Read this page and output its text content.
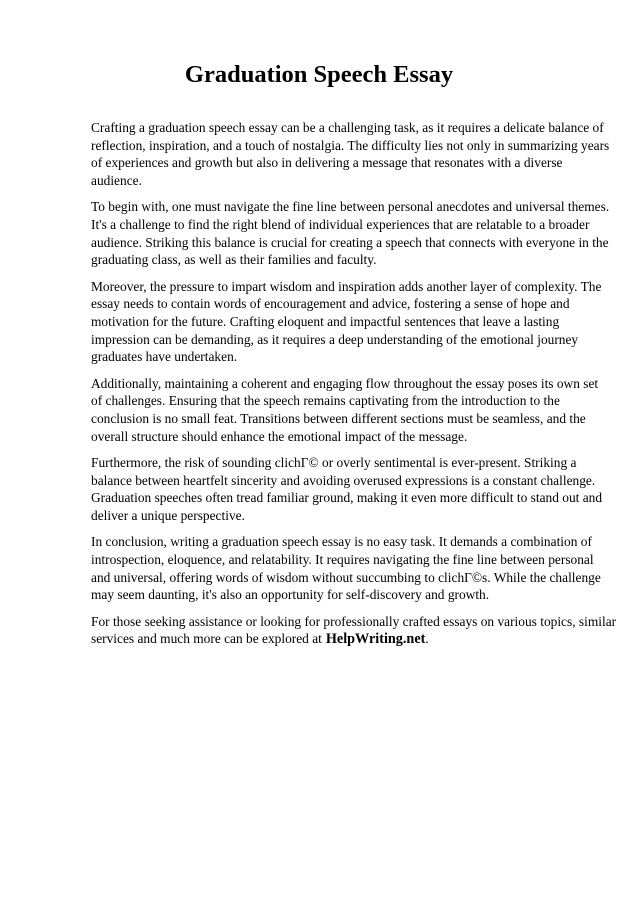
Graduation Speech Essay

Crafting a graduation speech essay can be a challenging task, as it requires a delicate balance of
reflection, inspiration, and a touch of nostalgia. The difficulty lies not only in summarizing years
of experiences and growth but also in delivering a message that resonates with a diverse
audience.

To begin with, one must navigate the fine line between personal anecdotes and universal themes.
It's a challenge to find the right blend of individual experiences that are relatable to a broader
audience. Striking this balance is crucial for creating a speech that connects with everyone in the
graduating class, as well as their families and faculty.

Moreover, the pressure to impart wisdom and inspiration adds another layer of complexity. The
essay needs to contain words of encouragement and advice, fostering a sense of hope and
motivation for the future. Crafting eloquent and impactful sentences that leave a lasting
impression can be demanding, as it requires a deep understanding of the emotional journey
graduates have undertaken.

Additionally, maintaining a coherent and engaging flow throughout the essay poses its own set
of challenges. Ensuring that the speech remains captivating from the introduction to the
conclusion is no small feat. Transitions between different sections must be seamless, and the
overall structure should enhance the emotional impact of the message.

Furthermore, the risk of sounding clichГ© or overly sentimental is ever-present. Striking a
balance between heartfelt sincerity and avoiding overused expressions is a constant challenge.
Graduation speeches often tread familiar ground, making it even more difficult to stand out and
deliver a unique perspective.

In conclusion, writing a graduation speech essay is no easy task. It demands a combination of
introspection, eloquence, and relatability. It requires navigating the fine line between personal
and universal, offering words of wisdom without succumbing to clichГ©s. While the challenge
may seem daunting, it's also an opportunity for self-discovery and growth.

For those seeking assistance or looking for professionally crafted essays on various topics, similar
services and much more can be explored at HelpWriting.net.
